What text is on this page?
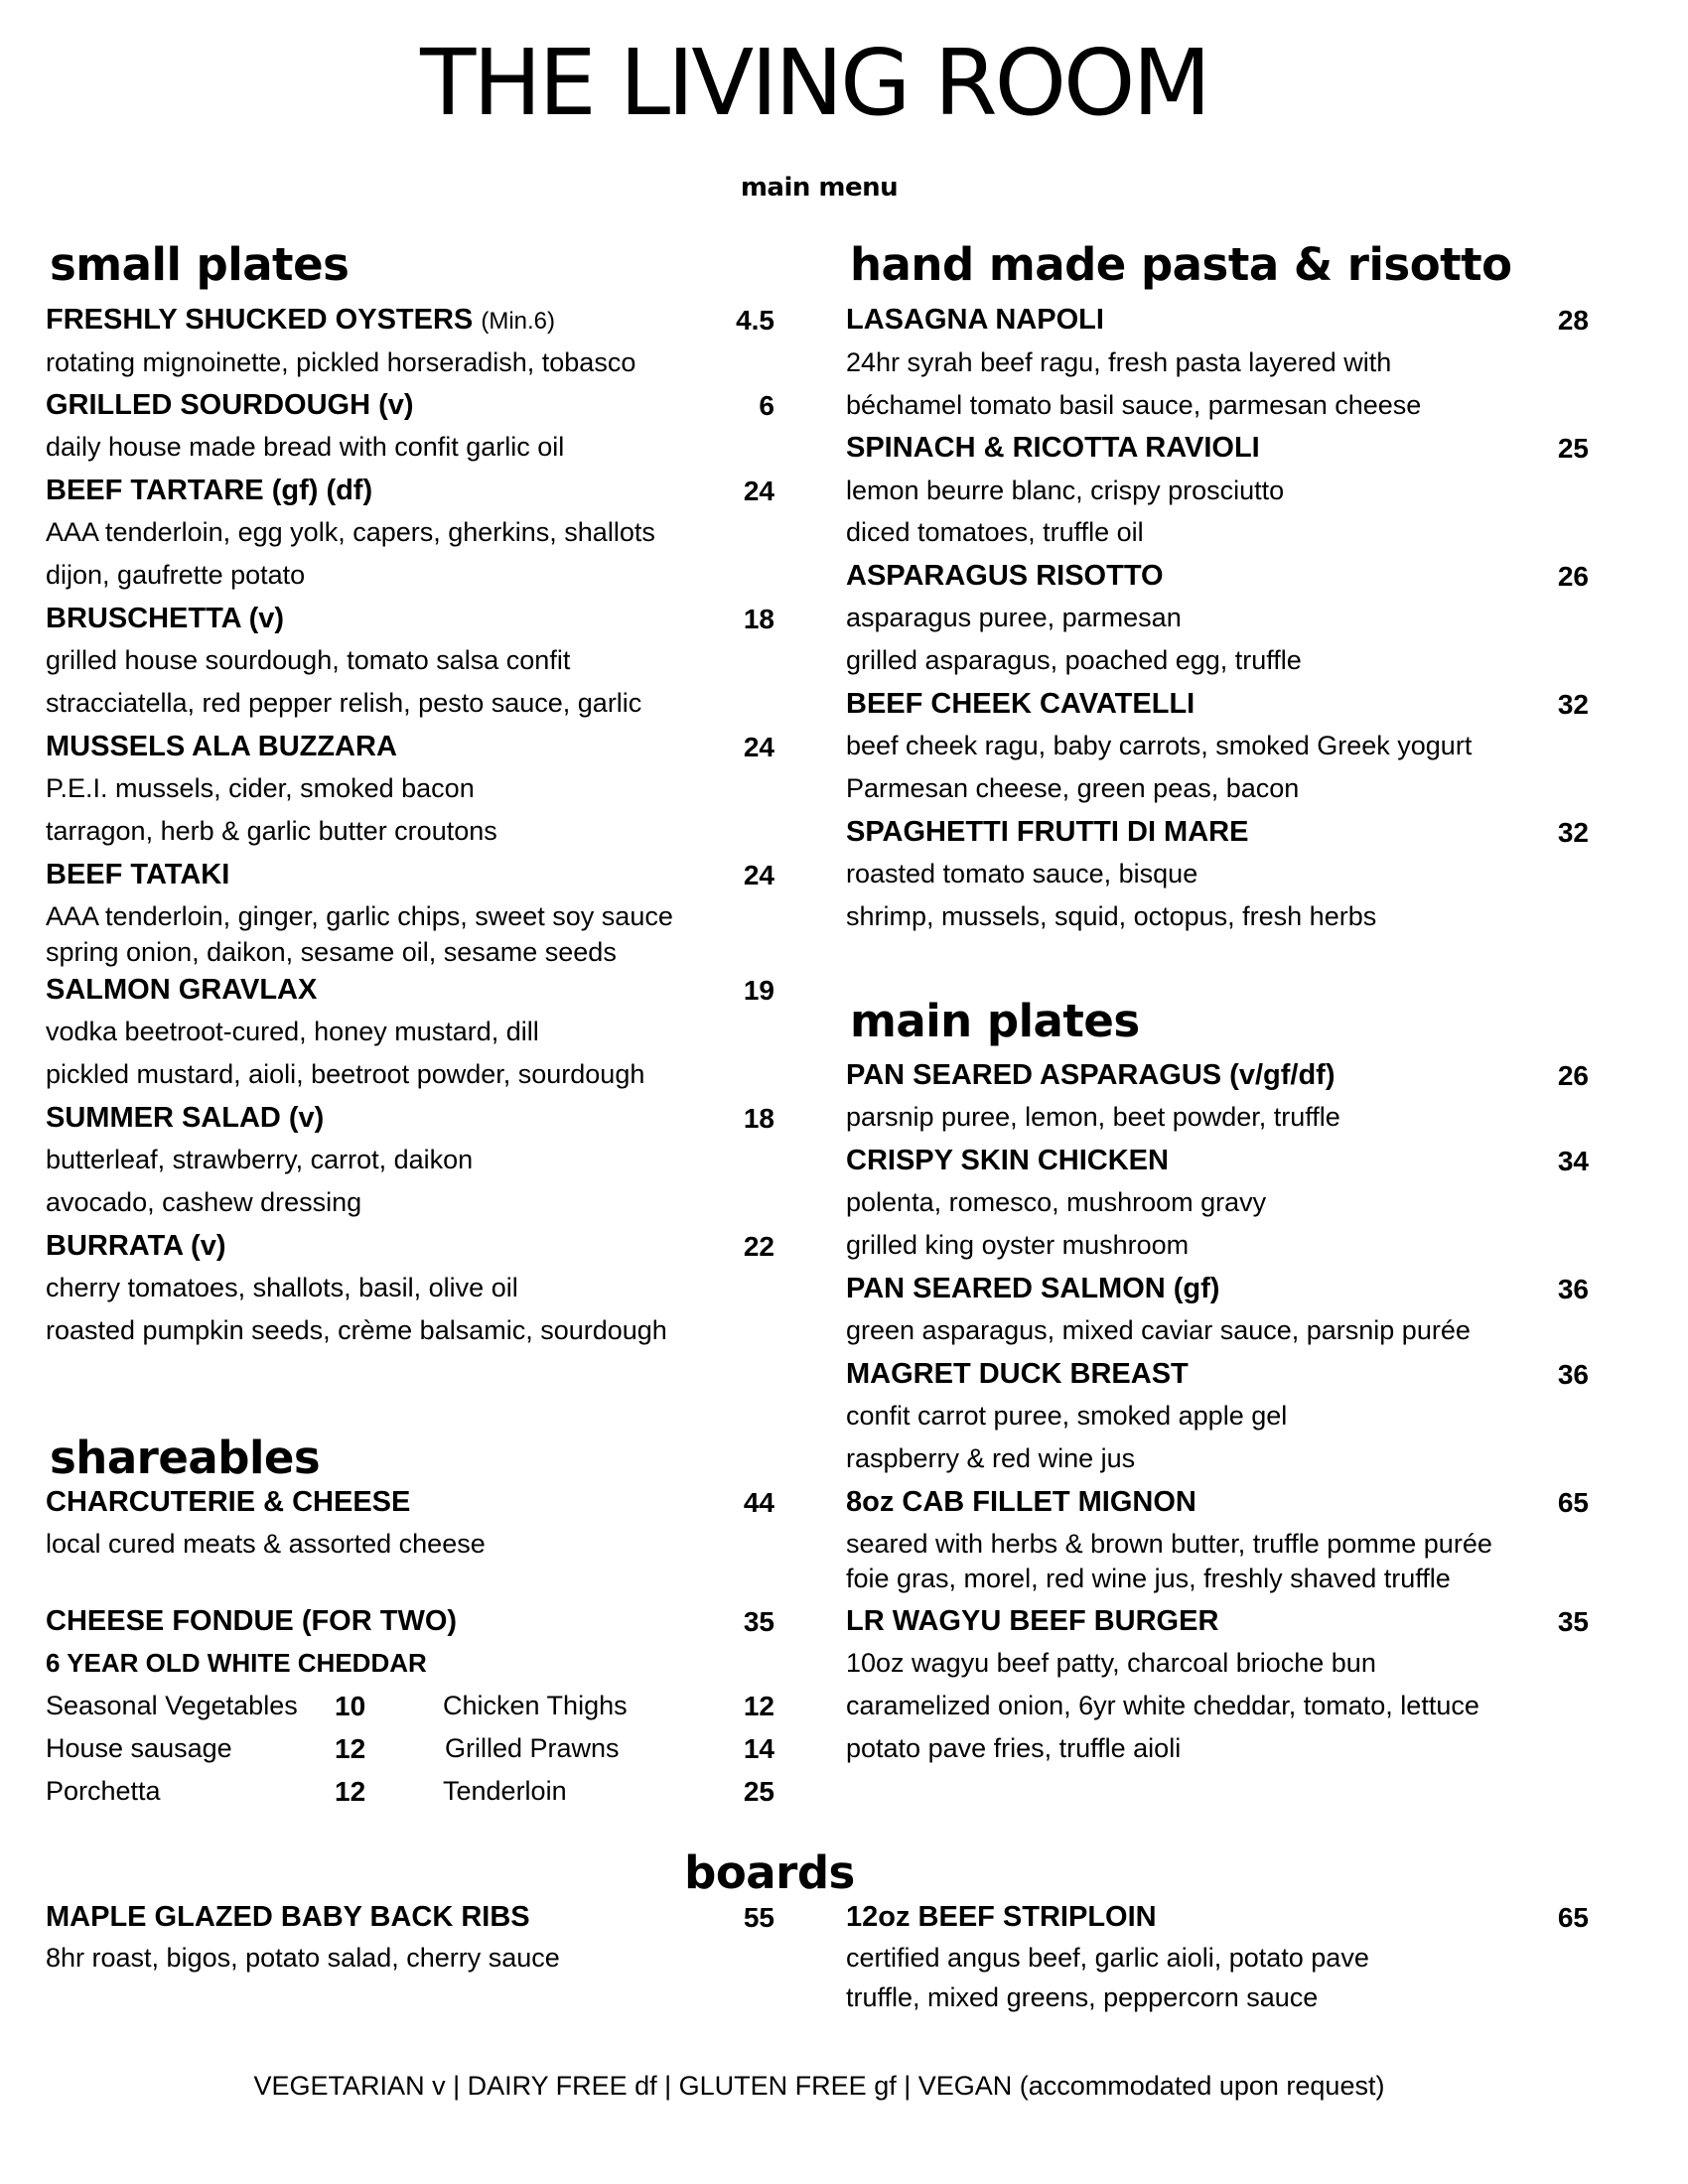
THE LIVING ROOM
main menu
small plates
FRESHLY SHUCKED OYSTERS (Min.6)	4.5
rotating mignoinette, pickled horseradish, tobasco
GRILLED SOURDOUGH (v)	6
daily house made bread with confit garlic oil
BEEF TARTARE (gf) (df)	24
AAA tenderloin, egg yolk, capers, gherkins, shallots
dijon, gaufrette potato
BRUSCHETTA (v)	18
grilled house sourdough, tomato salsa confit
stracciatella, red pepper relish, pesto sauce, garlic
MUSSELS ALA BUZZARA	24
P.E.I. mussels, cider, smoked bacon
tarragon, herb & garlic butter croutons
BEEF TATAKI	24
AAA tenderloin, ginger, garlic chips, sweet soy sauce
spring onion, daikon, sesame oil, sesame seeds
SALMON GRAVLAX	19
vodka beetroot-cured, honey mustard, dill
pickled mustard, aioli, beetroot powder, sourdough
SUMMER SALAD (v)	18
butterleaf, strawberry, carrot, daikon
avocado, cashew dressing
BURRATA (v)	22
cherry tomatoes, shallots, basil, olive oil
roasted pumpkin seeds, crème balsamic, sourdough
hand made pasta & risotto
LASAGNA NAPOLI	28
24hr syrah beef ragu, fresh pasta layered with
béchamel tomato basil sauce, parmesan cheese
SPINACH & RICOTTA RAVIOLI	25
lemon beurre blanc, crispy prosciutto
diced tomatoes, truffle oil
ASPARAGUS RISOTTO	26
asparagus puree, parmesan
grilled asparagus, poached egg, truffle
BEEF CHEEK CAVATELLI	32
beef cheek ragu, baby carrots, smoked Greek yogurt
Parmesan cheese, green peas, bacon
SPAGHETTI FRUTTI DI MARE	32
roasted tomato sauce, bisque
shrimp, mussels, squid, octopus, fresh herbs
main plates
PAN SEARED ASPARAGUS (v/gf/df)	26
parsnip puree, lemon, beet powder, truffle
CRISPY SKIN CHICKEN	34
polenta, romesco, mushroom gravy
grilled king oyster mushroom
PAN SEARED SALMON (gf)	36
green asparagus, mixed caviar sauce, parsnip purée
MAGRET DUCK BREAST	36
confit carrot puree, smoked apple gel
raspberry & red wine jus
8oz CAB FILLET MIGNON	65
seared with herbs & brown butter, truffle pomme purée
foie gras, morel, red wine jus, freshly shaved truffle
LR WAGYU BEEF BURGER	35
10oz wagyu beef patty, charcoal brioche bun
caramelized onion, 6yr white cheddar, tomato, lettuce
potato pave fries, truffle aioli
shareables
CHARCUTERIE & CHEESE	44
local cured meats & assorted cheese
CHEESE FONDUE (FOR TWO)	35
6 YEAR OLD WHITE CHEDDAR
Seasonal Vegetables 10	Chicken Thighs	12
House sausage	12	Grilled Prawns	14
Porchetta	12	Tenderloin	25
boards
MAPLE GLAZED BABY BACK RIBS	55
8hr roast, bigos, potato salad, cherry sauce
12oz BEEF STRIPLOIN	65
certified angus beef, garlic aioli, potato pave
truffle, mixed greens, peppercorn sauce
VEGETARIAN v | DAIRY FREE df | GLUTEN FREE gf | VEGAN (accommodated upon request)
